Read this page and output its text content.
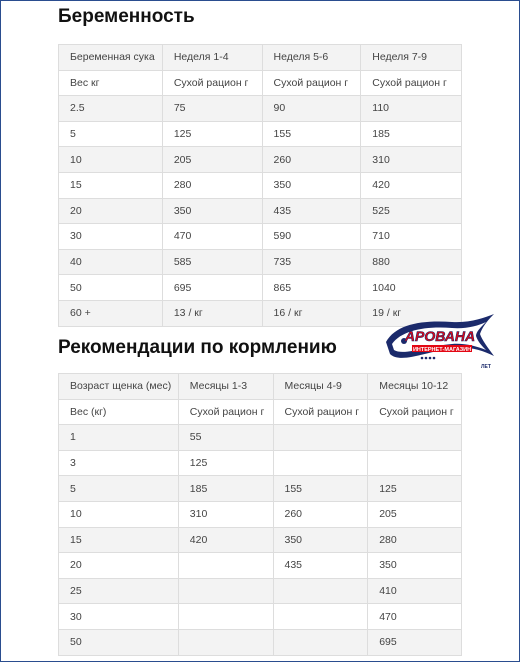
Беременность
Беременная сука	Неделя 1-4	Неделя 5-6	Неделя 7-9
Вес кг	Сухой рацион г	Сухой рацион г	Сухой рацион г
2.5	75	90	110
5	125	155	185
10	205	260	310
15	280	350	420
20	350	435	525
30	470	590	710
40	585	735	880
50	695	865	1040
60 +	13 / кг	16 / кг	19 / кг
Рекомендации по кормлению
Возраст щенка (мес)	Месяцы 1-3	Месяцы 4-9	Месяцы 10-12
Вес (кг)	Сухой рацион г	Сухой рацион г	Сухой рацион г
1	55		
3	125		
5	185	155	125
10	310	260	205
15	420	350	280
20		435	350
25			410
30			470
50			695
АРОВАНА
ИНТЕРНЕТ-МАГАЗИН
ЛЕТ
